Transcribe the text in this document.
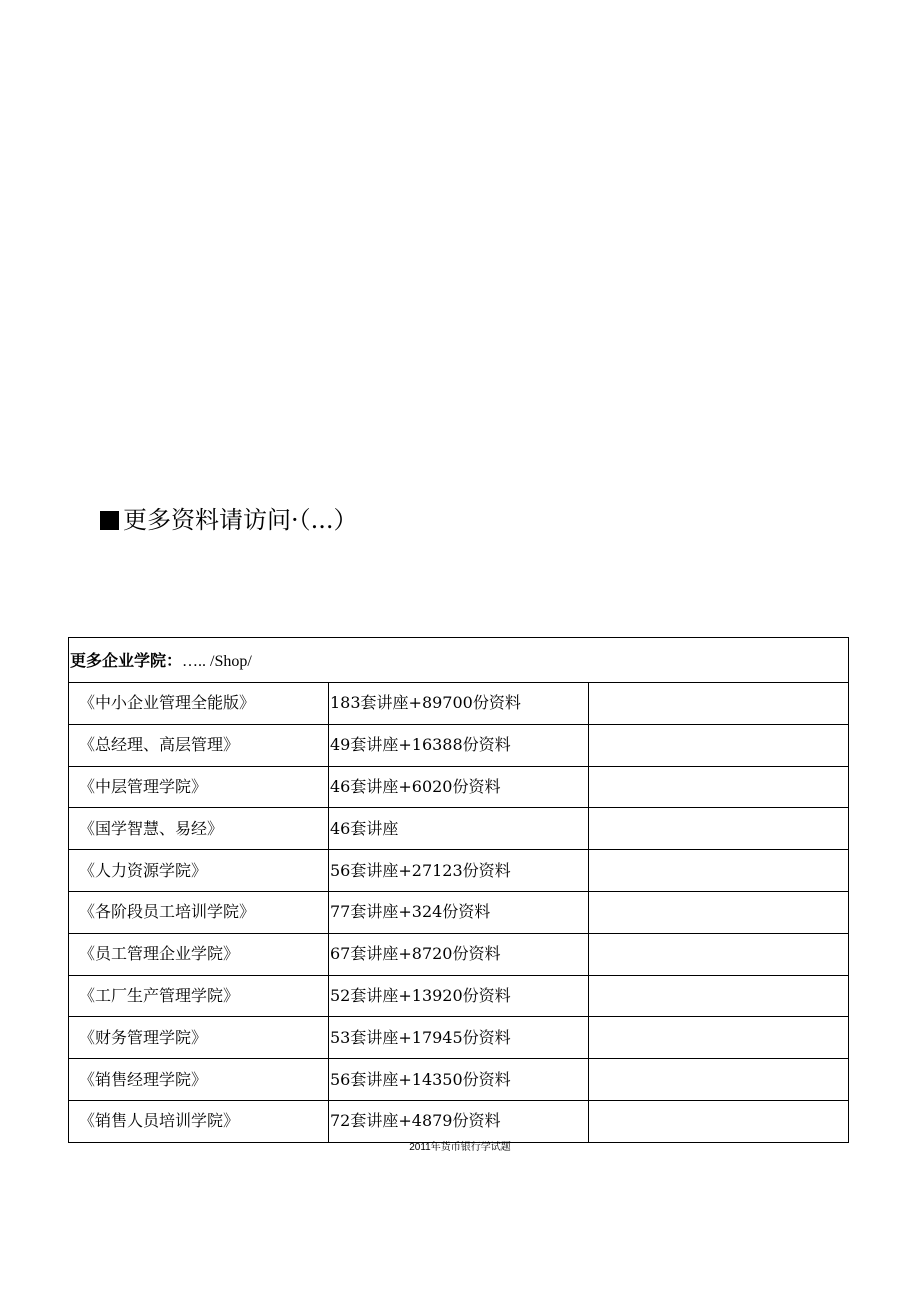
更多资料请访问·（...）
更多企业学院：….. /Shop/		
《中小企业管理全能版》	183套讲座+89700份资料	
《总经理、高层管理》	49套讲座+16388份资料	
《中层管理学院》	46套讲座+6020份资料	
《国学智慧、易经》	46套讲座	
《人力资源学院》	56套讲座+27123份资料	
《各阶段员工培训学院》	77套讲座+324份资料	
《员工管理企业学院》	67套讲座+8720份资料	
《工厂生产管理学院》	52套讲座+13920份资料	
《财务管理学院》	53套讲座+17945份资料	
《销售经理学院》	56套讲座+14350份资料	
《销售人员培训学院》	72套讲座+4879份资料	
2011年货币银行学试题
